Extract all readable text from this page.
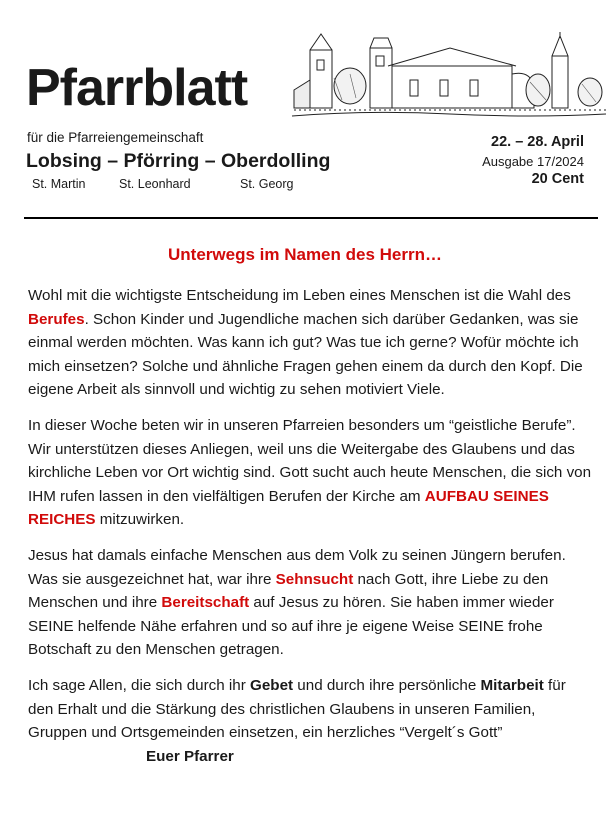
Pfarrblatt
für die Pfarreiengemeinschaft
Lobsing – Pförring – Oberdolling
St. Martin	St. Leonhard	St. Georg
22. – 28. April
Ausgabe 17/2024
20 Cent
Unterwegs im Namen des Herrn…

Wohl mit die wichtigste Entscheidung im Leben eines Menschen ist die Wahl des Berufes. Schon Kinder und Jugendliche machen sich darüber Gedanken, was sie einmal werden möchten. Was kann ich gut? Was tue ich gerne? Wofür möchte ich mich einsetzen? Solche und ähnliche Fragen gehen einem da durch den Kopf. Die eigene Arbeit als sinnvoll und wichtig zu sehen motiviert Viele.

In dieser Woche beten wir in unseren Pfarreien besonders um “geistliche Berufe”. Wir unterstützen dieses Anliegen, weil uns die Weitergabe des Glaubens und das kirchliche Leben vor Ort wichtig sind. Gott sucht auch heute Menschen, die sich von IHM rufen lassen in den vielfältigen Berufen der Kirche am AUFBAU SEINES REICHES mitzuwirken.

Jesus hat damals einfache Menschen aus dem Volk zu seinen Jüngern berufen. Was sie ausgezeichnet hat, war ihre Sehnsucht nach Gott, ihre Liebe zu den Menschen und ihre Bereitschaft auf Jesus zu hören. Sie haben immer wieder SEINE helfende Nähe erfahren und so auf ihre je eigene Weise SEINE frohe Botschaft zu den Menschen getragen.

Ich sage Allen, die sich durch ihr Gebet und durch ihre persönliche Mitarbeit für den Erhalt und die Stärkung des christlichen Glaubens in unseren Familien, Gruppen und Ortsgemeinden einsetzen, ein herzliches “Vergelt´s Gott”Euer Pfarrer
